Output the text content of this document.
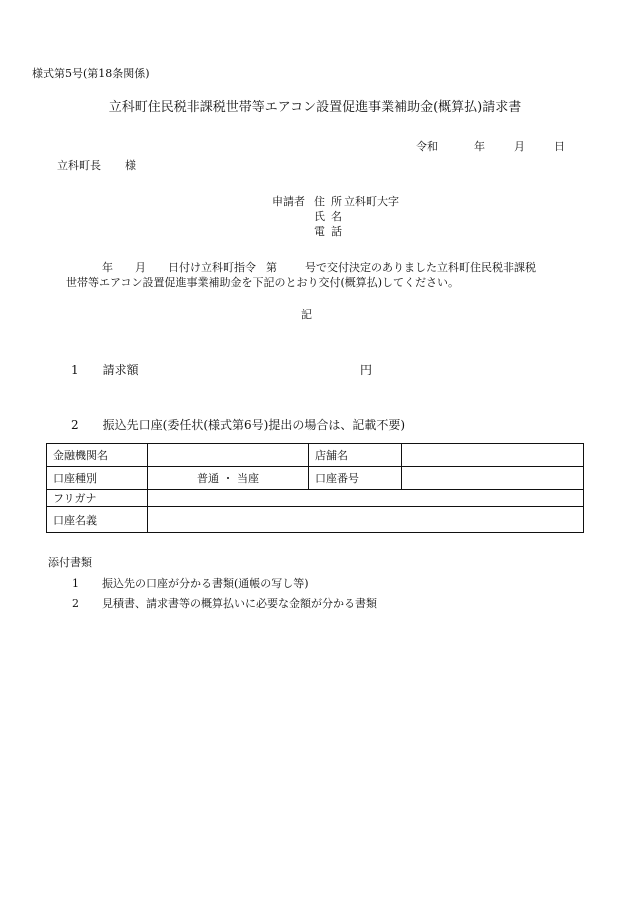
様式第5号(第18条関係)
立科町住民税非課税世帯等エアコン設置促進事業補助金(概算払)請求書
令和	年	月	日
立科町長 様
申請者 住所立科町大字
氏名
電話
年 月 日付け立科町指令 第	号で交付決定のありました立科町住民税非課税
世帯等エアコン設置促進事業補助金を下記のとおり交付(概算払)してください。
記
1 請求額	円
2 振込先口座(委任状(様式第6号)提出の場合は、記載不要)
金融機関名		店舗名	
口座種別	普通 ・ 当座	口座番号	
フリガナ			
口座名義			
添付書類
1 振込先の口座が分かる書類(通帳の写し等)
2 見積書、請求書等の概算払いに必要な金額が分かる書類
